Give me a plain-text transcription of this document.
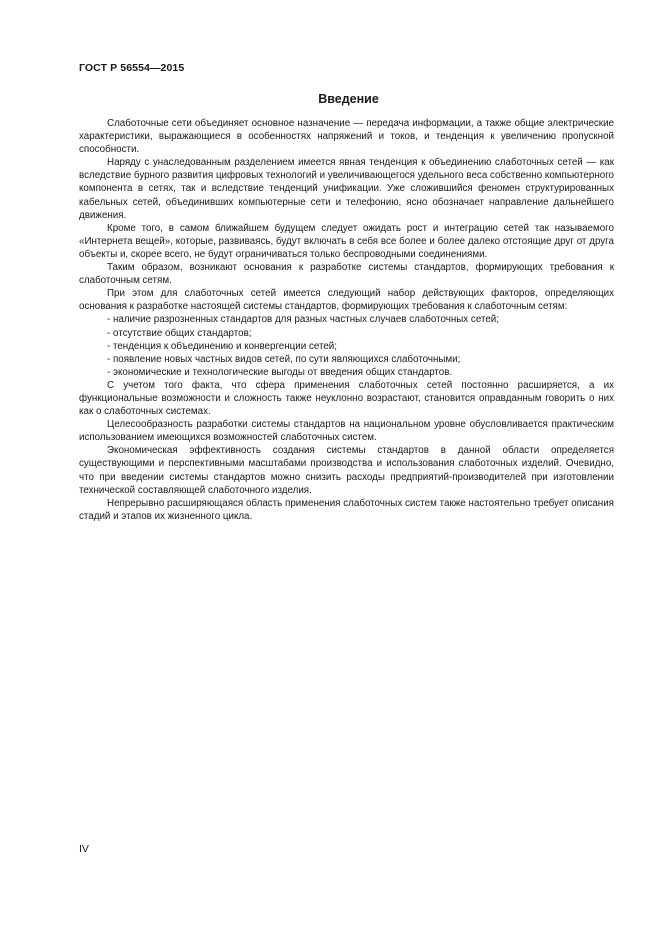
ГОСТ Р 56554—2015
Введение

Слаботочные сети объединяет основное назначение — передача информации, а также общие электрические характеристики, выражающиеся в особенностях напряжений и токов, и тенденция к увеличению пропускной способности.

Наряду с унаследованным разделением имеется явная тенденция к объединению слаботочных сетей — как вследствие бурного развития цифровых технологий и увеличивающегося удельного веса собственно компьютерного компонента в сетях, так и вследствие тенденций унификации. Уже сложившийся феномен структурированных кабельных сетей, объединивших компьютерные сети и телефонию, ясно обозначает направление дальнейшего движения.

Кроме того, в самом ближайшем будущем следует ожидать рост и интеграцию сетей так называемого «Интернета вещей», которые, развиваясь, будут включать в себя все более и более далеко отстоящие друг от друга объекты и, скорее всего, не будут ограничиваться только беспроводными соединениями.

Таким образом, возникают основания к разработке системы стандартов, формирующих требования к слаботочным сетям.

При этом для слаботочных сетей имеется следующий набор действующих факторов, определяющих основания к разработке настоящей системы стандартов, формирующих требования к слаботочным сетям:

- наличие разрозненных стандартов для разных частных случаев слаботочных сетей;
- отсутствие общих стандартов;
- тенденция к объединению и конвергенции сетей;
- появление новых частных видов сетей, по сути являющихся слаботочными;
- экономические и технологические выгоды от введения общих стандартов.

С учетом того факта, что сфера применения слаботочных сетей постоянно расширяется, а их функциональные возможности и сложность также неуклонно возрастают, становится оправданным говорить о них как о слаботочных системах.

Целесообразность разработки системы стандартов на национальном уровне обусловливается практическим использованием имеющихся возможностей слаботочных систем.

Экономическая эффективность создания системы стандартов в данной области определяется существующими и перспективными масштабами производства и использования слаботочных изделий. Очевидно, что при введении системы стандартов можно снизить расходы предприятий-производителей при изготовлении технической составляющей слаботочного изделия.

Непрерывно расширяющаяся область применения слаботочных систем также настоятельно требует описания стадий и этапов их жизненного цикла.

IV
